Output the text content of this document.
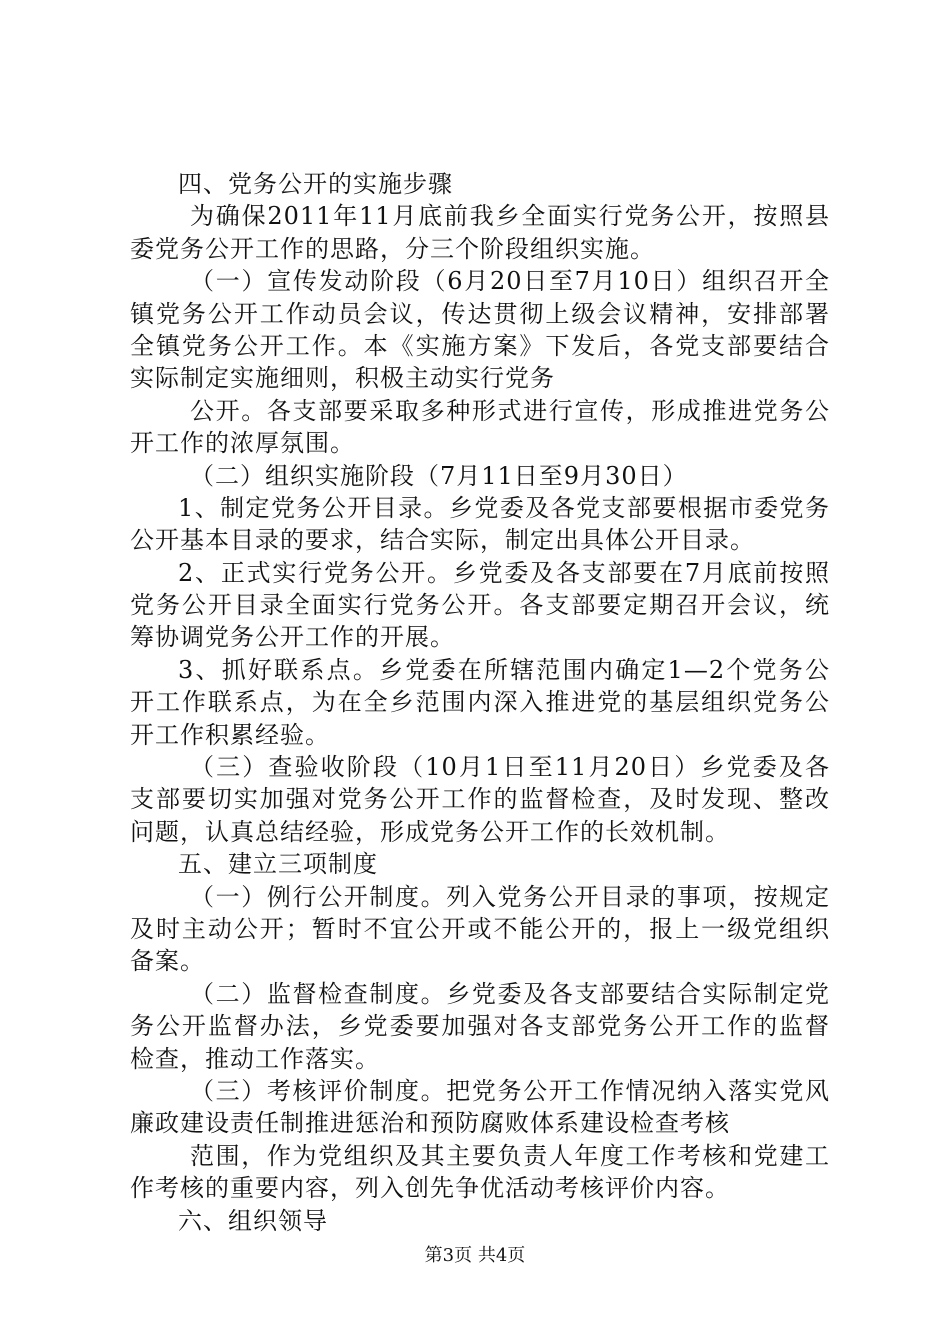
四、党务公开的实施步骤
为确保2011年11月底前我乡全面实行党务公开，按照县
委党务公开工作的思路，分三个阶段组织实施。
（一）宣传发动阶段（6月20日至7月10日）组织召开全
镇党务公开工作动员会议，传达贯彻上级会议精神，安排部署
全镇党务公开工作。本《实施方案》下发后，各党支部要结合
实际制定实施细则，积极主动实行党务
公开。各支部要采取多种形式进行宣传，形成推进党务公
开工作的浓厚氛围。
（二）组织实施阶段（7月11日至9月30日）
1、制定党务公开目录。乡党委及各党支部要根据市委党务
公开基本目录的要求，结合实际，制定出具体公开目录。
2、正式实行党务公开。乡党委及各支部要在7月底前按照
党务公开目录全面实行党务公开。各支部要定期召开会议，统
筹协调党务公开工作的开展。
3、抓好联系点。乡党委在所辖范围内确定1—2个党务公
开工作联系点，为在全乡范围内深入推进党的基层组织党务公
开工作积累经验。
（三）查验收阶段（10月1日至11月20日）乡党委及各
支部要切实加强对党务公开工作的监督检查，及时发现、整改
问题，认真总结经验，形成党务公开工作的长效机制。
五、建立三项制度
（一）例行公开制度。列入党务公开目录的事项，按规定
及时主动公开；暂时不宜公开或不能公开的，报上一级党组织
备案。
（二）监督检查制度。乡党委及各支部要结合实际制定党
务公开监督办法，乡党委要加强对各支部党务公开工作的监督
检查，推动工作落实。
（三）考核评价制度。把党务公开工作情况纳入落实党风
廉政建设责任制推进惩治和预防腐败体系建设检查考核
范围，作为党组织及其主要负责人年度工作考核和党建工
作考核的重要内容，列入创先争优活动考核评价内容。
六、组织领导
第3页 共4页
